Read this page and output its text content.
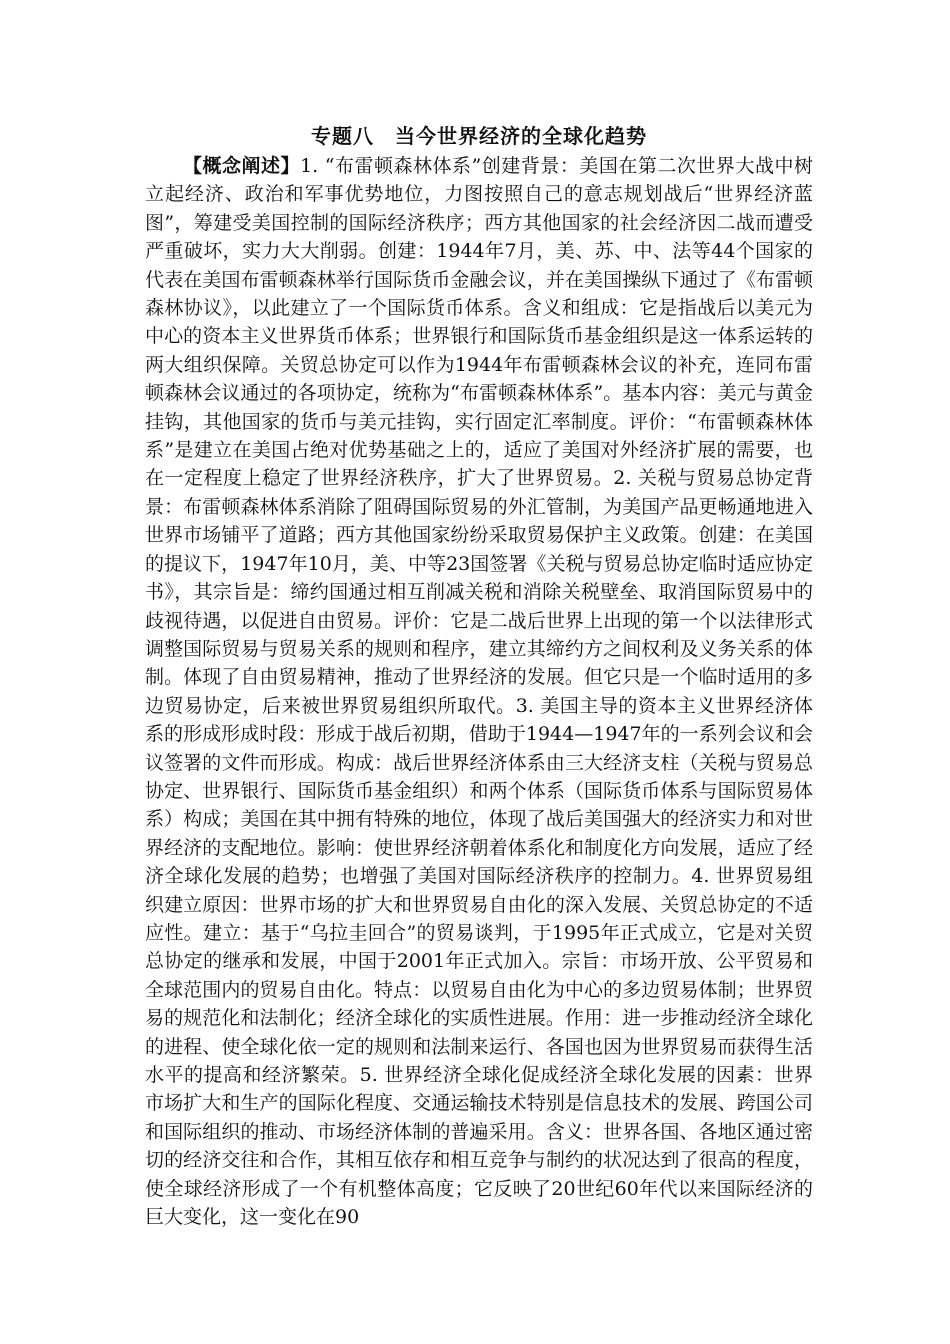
专题八　当今世界经济的全球化趋势

【概念阐述】1. “布雷顿森林体系”创建背景：美国在第二次世界大战中树立起经济、政治和军事优势地位，力图按照自己的意志规划战后“世界经济蓝图”，筹建受美国控制的国际经济秩序；西方其他国家的社会经济因二战而遭受严重破坏，实力大大削弱。创建：1944年7月，美、苏、中、法等44个国家的代表在美国布雷顿森林举行国际货币金融会议，并在美国操纵下通过了《布雷顿森林协议》，以此建立了一个国际货币体系。含义和组成：它是指战后以美元为中心的资本主义世界货币体系；世界银行和国际货币基金组织是这一体系运转的两大组织保障。关贸总协定可以作为1944年布雷顿森林会议的补充，连同布雷顿森林会议通过的各项协定，统称为“布雷顿森林体系”。基本内容：美元与黄金挂钩，其他国家的货币与美元挂钩，实行固定汇率制度。评价：“布雷顿森林体系”是建立在美国占绝对优势基础之上的，适应了美国对外经济扩展的需要，也在一定程度上稳定了世界经济秩序，扩大了世界贸易。2. 关税与贸易总协定背景：布雷顿森林体系消除了阻碍国际贸易的外汇管制，为美国产品更畅通地进入世界市场铺平了道路；西方其他国家纷纷采取贸易保护主义政策。创建：在美国的提议下，1947年10月，美、中等23国签署《关税与贸易总协定临时适应协定书》，其宗旨是：缔约国通过相互削减关税和消除关税壁垒、取消国际贸易中的歧视待遇，以促进自由贸易。评价：它是二战后世界上出现的第一个以法律形式调整国际贸易与贸易关系的规则和程序，建立其缔约方之间权利及义务关系的体制。体现了自由贸易精神，推动了世界经济的发展。但它只是一个临时适用的多边贸易协定，后来被世界贸易组织所取代。3. 美国主导的资本主义世界经济体系的形成形成时段：形成于战后初期，借助于1944—1947年的一系列会议和会议签署的文件而形成。构成：战后世界经济体系由三大经济支柱（关税与贸易总协定、世界银行、国际货币基金组织）和两个体系（国际货币体系与国际贸易体系）构成；美国在其中拥有特殊的地位，体现了战后美国强大的经济实力和对世界经济的支配地位。影响：使世界经济朝着体系化和制度化方向发展，适应了经济全球化发展的趋势；也增强了美国对国际经济秩序的控制力。4. 世界贸易组织建立原因：世界市场的扩大和世界贸易自由化的深入发展、关贸总协定的不适应性。建立：基于“乌拉圭回合”的贸易谈判，于1995年正式成立，它是对关贸总协定的继承和发展，中国于2001年正式加入。宗旨：市场开放、公平贸易和全球范围内的贸易自由化。特点：以贸易自由化为中心的多边贸易体制；世界贸易的规范化和法制化；经济全球化的实质性进展。作用：进一步推动经济全球化的进程、使全球化依一定的规则和法制来运行、各国也因为世界贸易而获得生活水平的提高和经济繁荣。5. 世界经济全球化促成经济全球化发展的因素：世界市场扩大和生产的国际化程度、交通运输技术特别是信息技术的发展、跨国公司和国际组织的推动、市场经济体制的普遍采用。含义：世界各国、各地区通过密切的经济交往和合作，其相互依存和相互竞争与制约的状况达到了很高的程度，使全球经济形成了一个有机整体高度；它反映了20世纪60年代以来国际经济的巨大变化，这一变化在90
